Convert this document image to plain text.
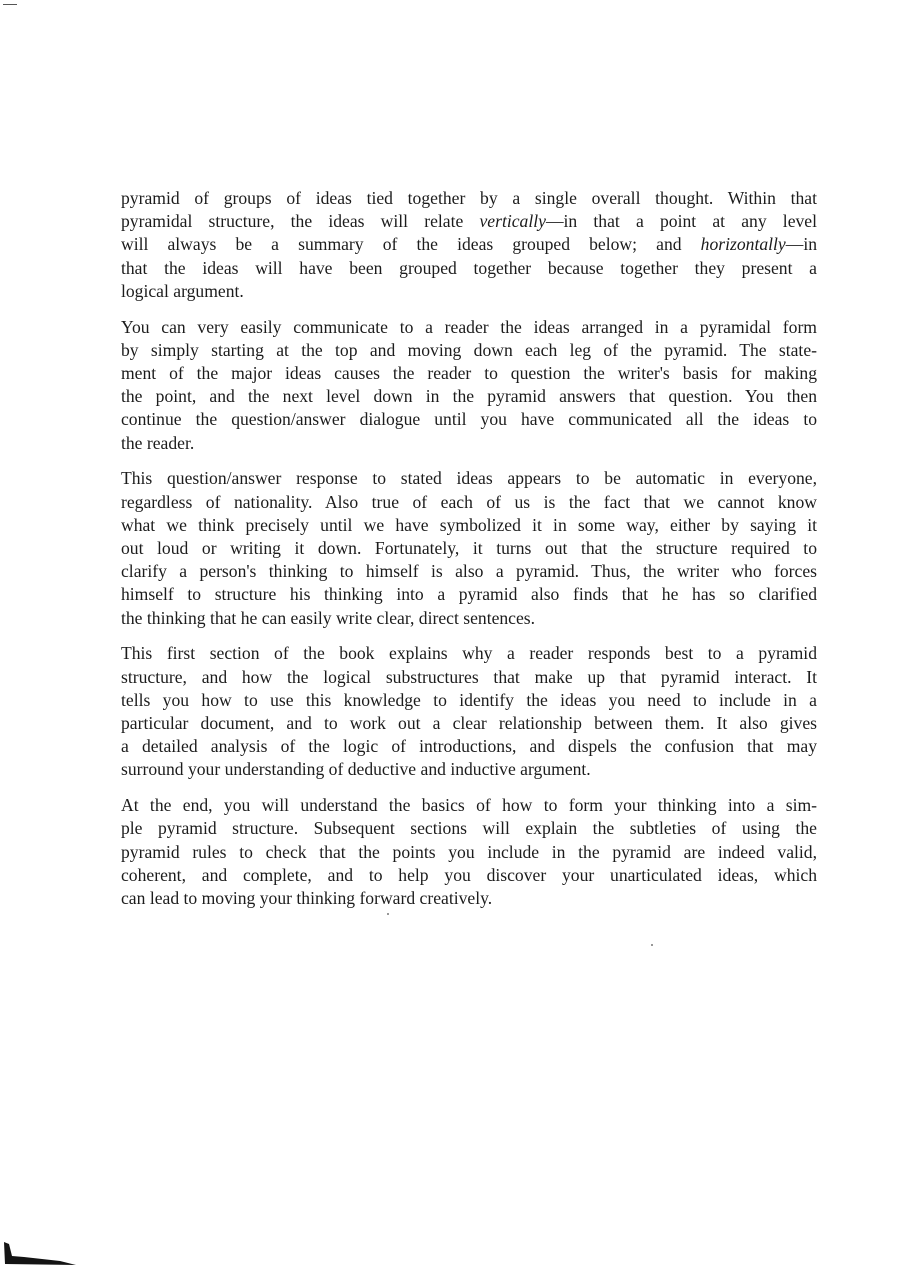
pyramid of groups of ideas tied together by a single overall thought. Within that
pyramidal structure, the ideas will relate vertically—in that a point at any level
will always be a summary of the ideas grouped below; and horizontally—in
that the ideas will have been grouped together because together they present a
logical argument.
You can very easily communicate to a reader the ideas arranged in a pyramidal form
by simply starting at the top and moving down each leg of the pyramid. The state-
ment of the major ideas causes the reader to question the writer's basis for making
the point, and the next level down in the pyramid answers that question. You then
continue the question/answer dialogue until you have communicated all the ideas to
the reader.
This question/answer response to stated ideas appears to be automatic in everyone,
regardless of nationality. Also true of each of us is the fact that we cannot know
what we think precisely until we have symbolized it in some way, either by saying it
out loud or writing it down. Fortunately, it turns out that the structure required to
clarify a person's thinking to himself is also a pyramid. Thus, the writer who forces
himself to structure his thinking into a pyramid also finds that he has so clarified
the thinking that he can easily write clear, direct sentences.
This first section of the book explains why a reader responds best to a pyramid
structure, and how the logical substructures that make up that pyramid interact. It
tells you how to use this knowledge to identify the ideas you need to include in a
particular document, and to work out a clear relationship between them. It also gives
a detailed analysis of the logic of introductions, and dispels the confusion that may
surround your understanding of deductive and inductive argument.
At the end, you will understand the basics of how to form your thinking into a sim-
ple pyramid structure. Subsequent sections will explain the subtleties of using the
pyramid rules to check that the points you include in the pyramid are indeed valid,
coherent, and complete, and to help you discover your unarticulated ideas, which
can lead to moving your thinking forward creatively.
